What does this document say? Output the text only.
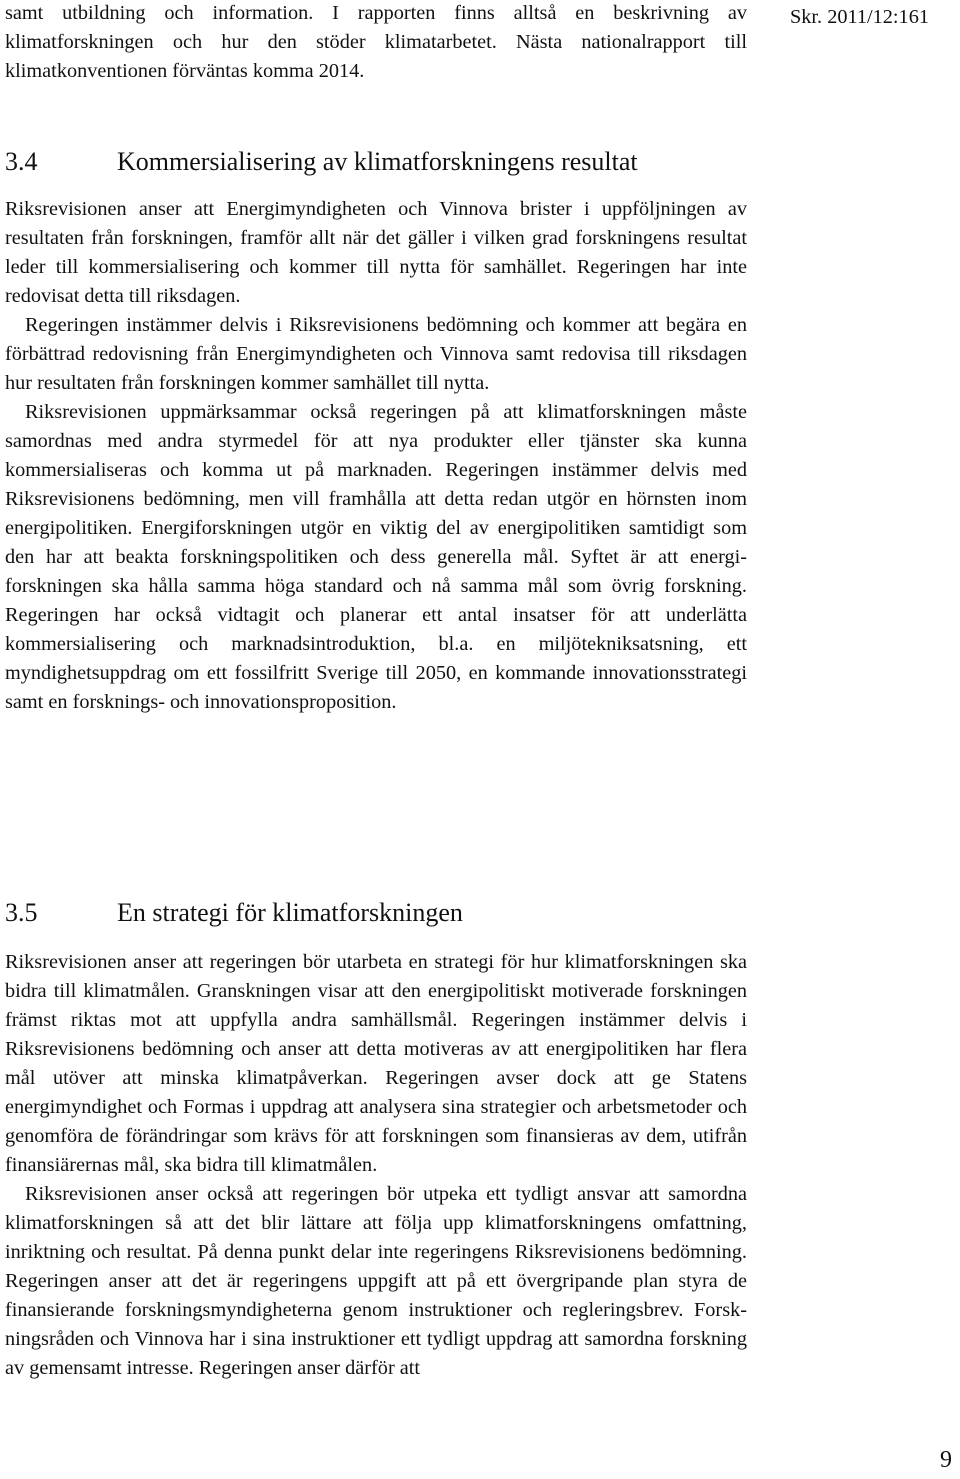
samt utbildning och information. I rapporten finns alltså en beskrivning av klimatforskningen och hur den stöder klimatarbetet. Nästa nationalrapport till klimatkonventionen förväntas komma 2014.

Skr. 2011/12:161
3.4	Kommersialisering av klimatforskningens resultat

Riksrevisionen anser att Energimyndigheten och Vinnova brister i uppföljningen av resultaten från forskningen, framför allt när det gäller i vilken grad forskningens resultat leder till kommersialisering och kommer till nytta för samhället. Regeringen har inte redovisat detta till riksdagen.

Regeringen instämmer delvis i Riksrevisionens bedömning och kommer att begära en förbättrad redovisning från Energimyndigheten och Vinnova samt redovisa till riksdagen hur resultaten från forskningen kommer samhället till nytta.

Riksrevisionen uppmärksammar också regeringen på att klimatforskningen måste samordnas med andra styrmedel för att nya produkter eller tjänster ska kunna kommersialiseras och komma ut på marknaden. Regeringen instämmer delvis med Riksrevisionens bedömning, men vill framhålla att detta redan utgör en hörnsten inom energipolitiken. Energiforskningen utgör en viktig del av energipolitiken samtidigt som den har att beakta forskningspolitiken och dess generella mål. Syftet är att energiforskningen ska hålla samma höga standard och nå samma mål som övrig forskning. Regeringen har också vidtagit och planerar ett antal insatser för att underlätta kommersialisering och marknadsintroduktion, bl.a. en miljötekniksatsning, ett myndighetsuppdrag om ett fossilfritt Sverige till 2050, en kommande innovationsstrategi samt en forsknings- och innovationsproposition.

3.5	En strategi för klimatforskningen

Riksrevisionen anser att regeringen bör utarbeta en strategi för hur klimatforskningen ska bidra till klimatmålen. Granskningen visar att den energipolitiskt motiverade forskningen främst riktas mot att uppfylla andra samhällsmål. Regeringen instämmer delvis i Riksrevisionens bedömning och anser att detta motiveras av att energipolitiken har flera mål utöver att minska klimatpåverkan. Regeringen avser dock att ge Statens energimyndighet och Formas i uppdrag att analysera sina strategier och arbetsmetoder och genomföra de förändringar som krävs för att forskningen som finansieras av dem, utifrån finansiärernas mål, ska bidra till klimatmålen.

Riksrevisionen anser också att regeringen bör utpeka ett tydligt ansvar att samordna klimatforskningen så att det blir lättare att följa upp klimatforskningens omfattning, inriktning och resultat. På denna punkt delar inte regeringens Riksrevisionens bedömning. Regeringen anser att det är regeringens uppgift att på ett övergripande plan styra de finansierande forskningsmyndigheterna genom instruktioner och regleringsbrev. Forskningsråden och Vinnova har i sina instruktioner ett tydligt uppdrag att samordna forskning av gemensamt intresse. Regeringen anser därför att

9
